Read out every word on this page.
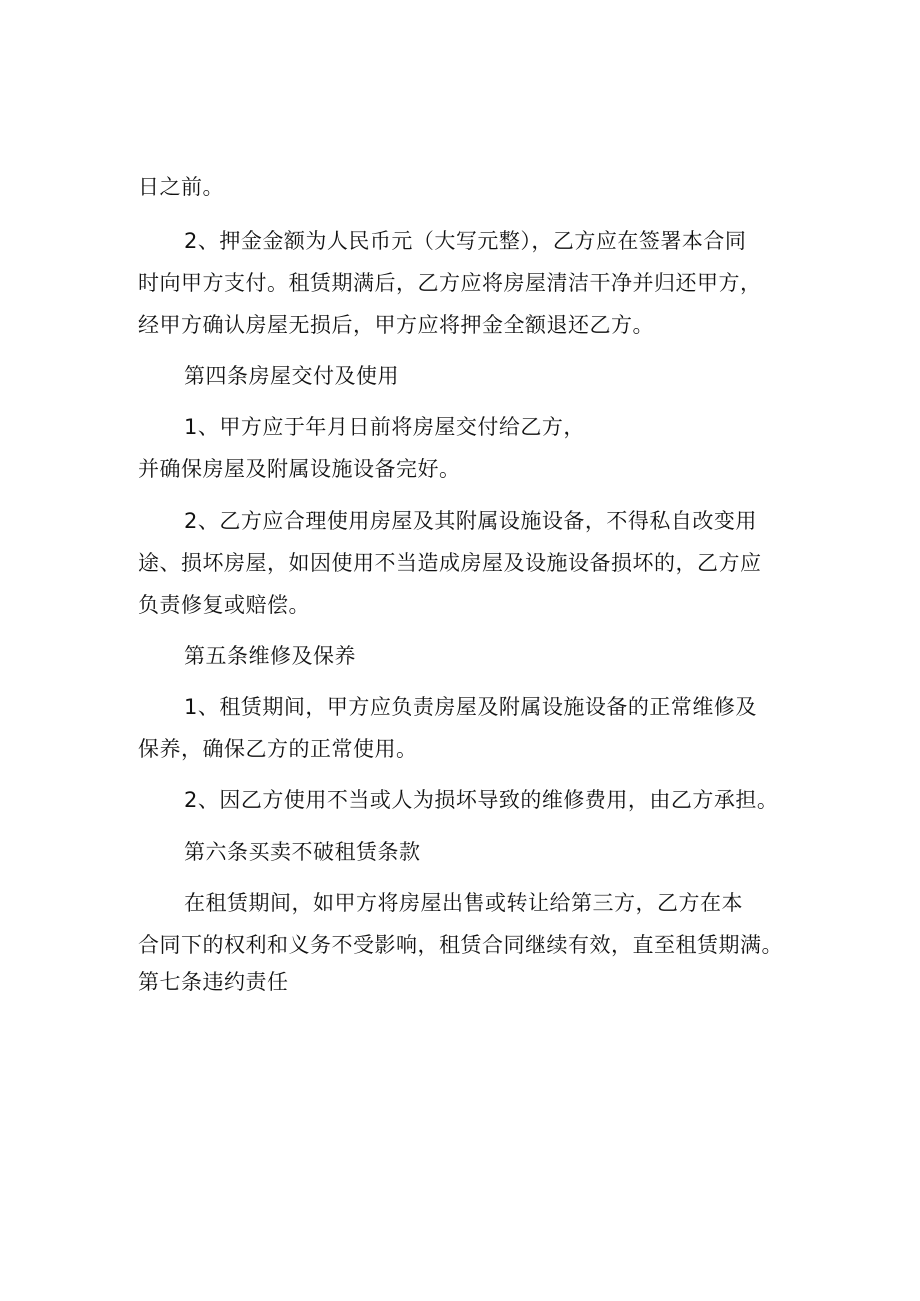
日之前。
2、押金金额为人民币元（大写元整），乙方应在签署本合同
时向甲方支付。租赁期满后，乙方应将房屋清洁干净并归还甲方，
经甲方确认房屋无损后，甲方应将押金全额退还乙方。
第四条房屋交付及使用
1、甲方应于年月日前将房屋交付给乙方，
并确保房屋及附属设施设备完好。
2、乙方应合理使用房屋及其附属设施设备，不得私自改变用
途、损坏房屋，如因使用不当造成房屋及设施设备损坏的，乙方应
负责修复或赔偿。
第五条维修及保养
1、租赁期间，甲方应负责房屋及附属设施设备的正常维修及
保养，确保乙方的正常使用。
2、因乙方使用不当或人为损坏导致的维修费用，由乙方承担。
第六条买卖不破租赁条款
在租赁期间，如甲方将房屋出售或转让给第三方，乙方在本
合同下的权利和义务不受影响，租赁合同继续有效，直至租赁期满。
第七条违约责任
